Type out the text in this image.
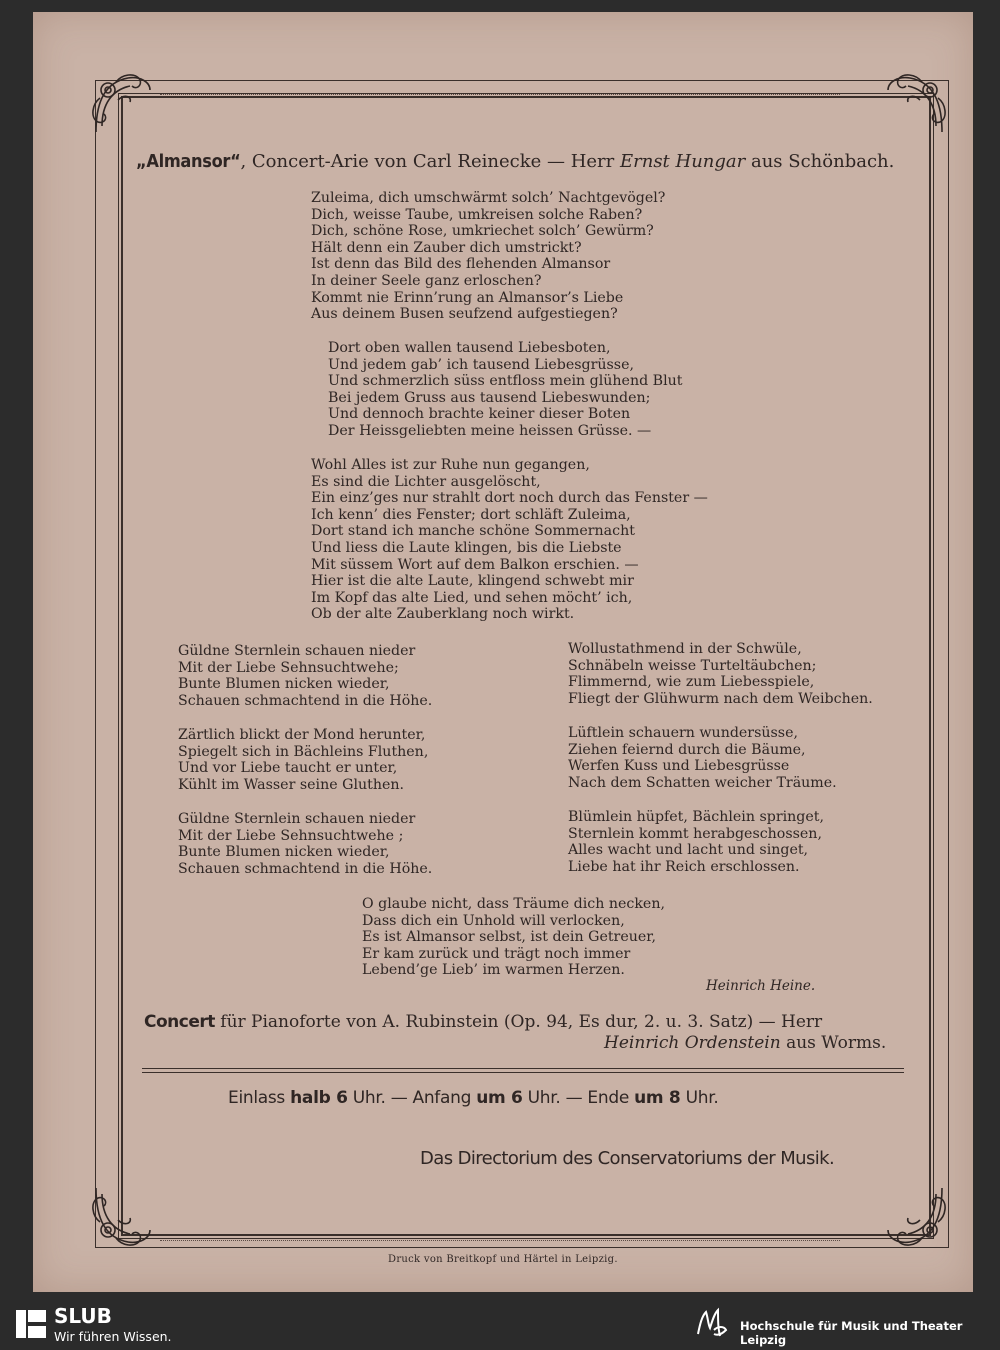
„Almansor“, Concert-Arie von Carl Reinecke — Herr Ernst Hungar aus Schönbach.
Zuleima, dich umschwärmt solch’ Nachtgevögel?
Dich, weisse Taube, umkreisen solche Raben?
Dich, schöne Rose, umkriechet solch’ Gewürm?
Hält denn ein Zauber dich umstrickt?
Ist denn das Bild des flehenden Almansor
In deiner Seele ganz erloschen?
Kommt nie Erinn’rung an Almansor’s Liebe
Aus deinem Busen seufzend aufgestiegen?
Dort oben wallen tausend Liebesboten,
Und jedem gab’ ich tausend Liebesgrüsse,
Und schmerzlich süss entfloss mein glühend Blut
Bei jedem Gruss aus tausend Liebeswunden;
Und dennoch brachte keiner dieser Boten
Der Heissgeliebten meine heissen Grüsse. —
Wohl Alles ist zur Ruhe nun gegangen,
Es sind die Lichter ausgelöscht,
Ein einz’ges nur strahlt dort noch durch das Fenster —
Ich kenn’ dies Fenster; dort schläft Zuleima,
Dort stand ich manche schöne Sommernacht
Und liess die Laute klingen, bis die Liebste
Mit süssem Wort auf dem Balkon erschien. —
Hier ist die alte Laute, klingend schwebt mir
Im Kopf das alte Lied, und sehen möcht’ ich,
Ob der alte Zauberklang noch wirkt.
Güldne Sternlein schauen nieder
Mit der Liebe Sehnsuchtwehe;
Bunte Blumen nicken wieder,
Schauen schmachtend in die Höhe.
Zärtlich blickt der Mond herunter,
Spiegelt sich in Bächleins Fluthen,
Und vor Liebe taucht er unter,
Kühlt im Wasser seine Gluthen.
Güldne Sternlein schauen nieder
Mit der Liebe Sehnsuchtwehe ;
Bunte Blumen nicken wieder,
Schauen schmachtend in die Höhe.
Wollustathmend in der Schwüle,
Schnäbeln weisse Turteltäubchen;
Flimmernd, wie zum Liebesspiele,
Fliegt der Glühwurm nach dem Weibchen.
Lüftlein schauern wundersüsse,
Ziehen feiernd durch die Bäume,
Werfen Kuss und Liebesgrüsse
Nach dem Schatten weicher Träume.
Blümlein hüpfet, Bächlein springet,
Sternlein kommt herabgeschossen,
Alles wacht und lacht und singet,
Liebe hat ihr Reich erschlossen.
O glaube nicht, dass Träume dich necken,
Dass dich ein Unhold will verlocken,
Es ist Almansor selbst, ist dein Getreuer,
Er kam zurück und trägt noch immer
Lebend’ge Lieb’ im warmen Herzen.
Heinrich Heine.
Concert für Pianoforte von A. Rubinstein (Op. 94, Es dur, 2. u. 3. Satz) — Herr
Heinrich Ordenstein aus Worms.
Einlass halb 6 Uhr. — Anfang um 6 Uhr. — Ende um 8 Uhr.
Das Directorium des Conservatoriums der Musik.
Druck von Breitkopf und Härtel in Leipzig.
SLUB
Wir führen Wissen.
Hochschule für Musik und Theater Leipzig
